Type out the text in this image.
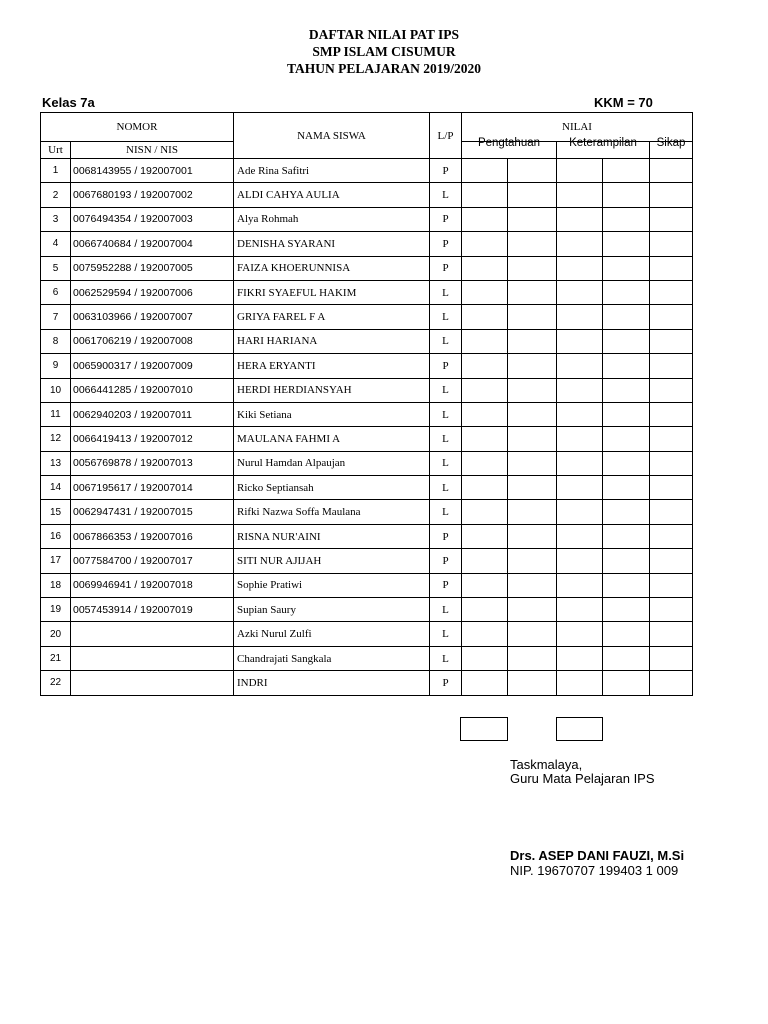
DAFTAR NILAI PAT IPS
SMP ISLAM CISUMUR
TAHUN PELAJARAN 2019/2020
Kelas 7a	KKM = 70
NOMOR		NAMA SISWA	L/P	NILAI				
Urt	NISN / NIS			Pengtahuan		Keterampilan		Sikap
1	0068143955 / 192007001	Ade Rina Safitri	P					
2	0067680193 / 192007002	ALDI CAHYA AULIA	L					
3	0076494354 / 192007003	Alya Rohmah	P					
4	0066740684 / 192007004	DENISHA SYARANI	P					
5	0075952288 / 192007005	FAIZA KHOERUNNISA	P					
6	0062529594 / 192007006	FIKRI SYAEFUL HAKIM	L					
7	0063103966 / 192007007	GRIYA FAREL F A	L					
8	0061706219 / 192007008	HARI HARIANA	L					
9	0065900317 / 192007009	HERA ERYANTI	P					
10	0066441285 / 192007010	HERDI HERDIANSYAH	L					
11	0062940203 / 192007011	Kiki Setiana	L					
12	0066419413 / 192007012	MAULANA FAHMI A	L					
13	0056769878 / 192007013	Nurul Hamdan Alpaujan	L					
14	0067195617 / 192007014	Ricko Septiansah	L					
15	0062947431 / 192007015	Rifki Nazwa Soffa Maulana	L					
16	0067866353 / 192007016	RISNA NUR'AINI	P					
17	0077584700 / 192007017	SITI NUR AJIJAH	P					
18	0069946941 / 192007018	Sophie Pratiwi	P					
19	0057453914 / 192007019	Supian Saury	L					
20		Azki Nurul Zulfi	L					
21		Chandrajati Sangkala	L					
22		INDRI	P					
Taskmalaya,
Guru Mata Pelajaran IPS
Drs. ASEP DANI FAUZI, M.Si
NIP. 19670707 199403 1 009
